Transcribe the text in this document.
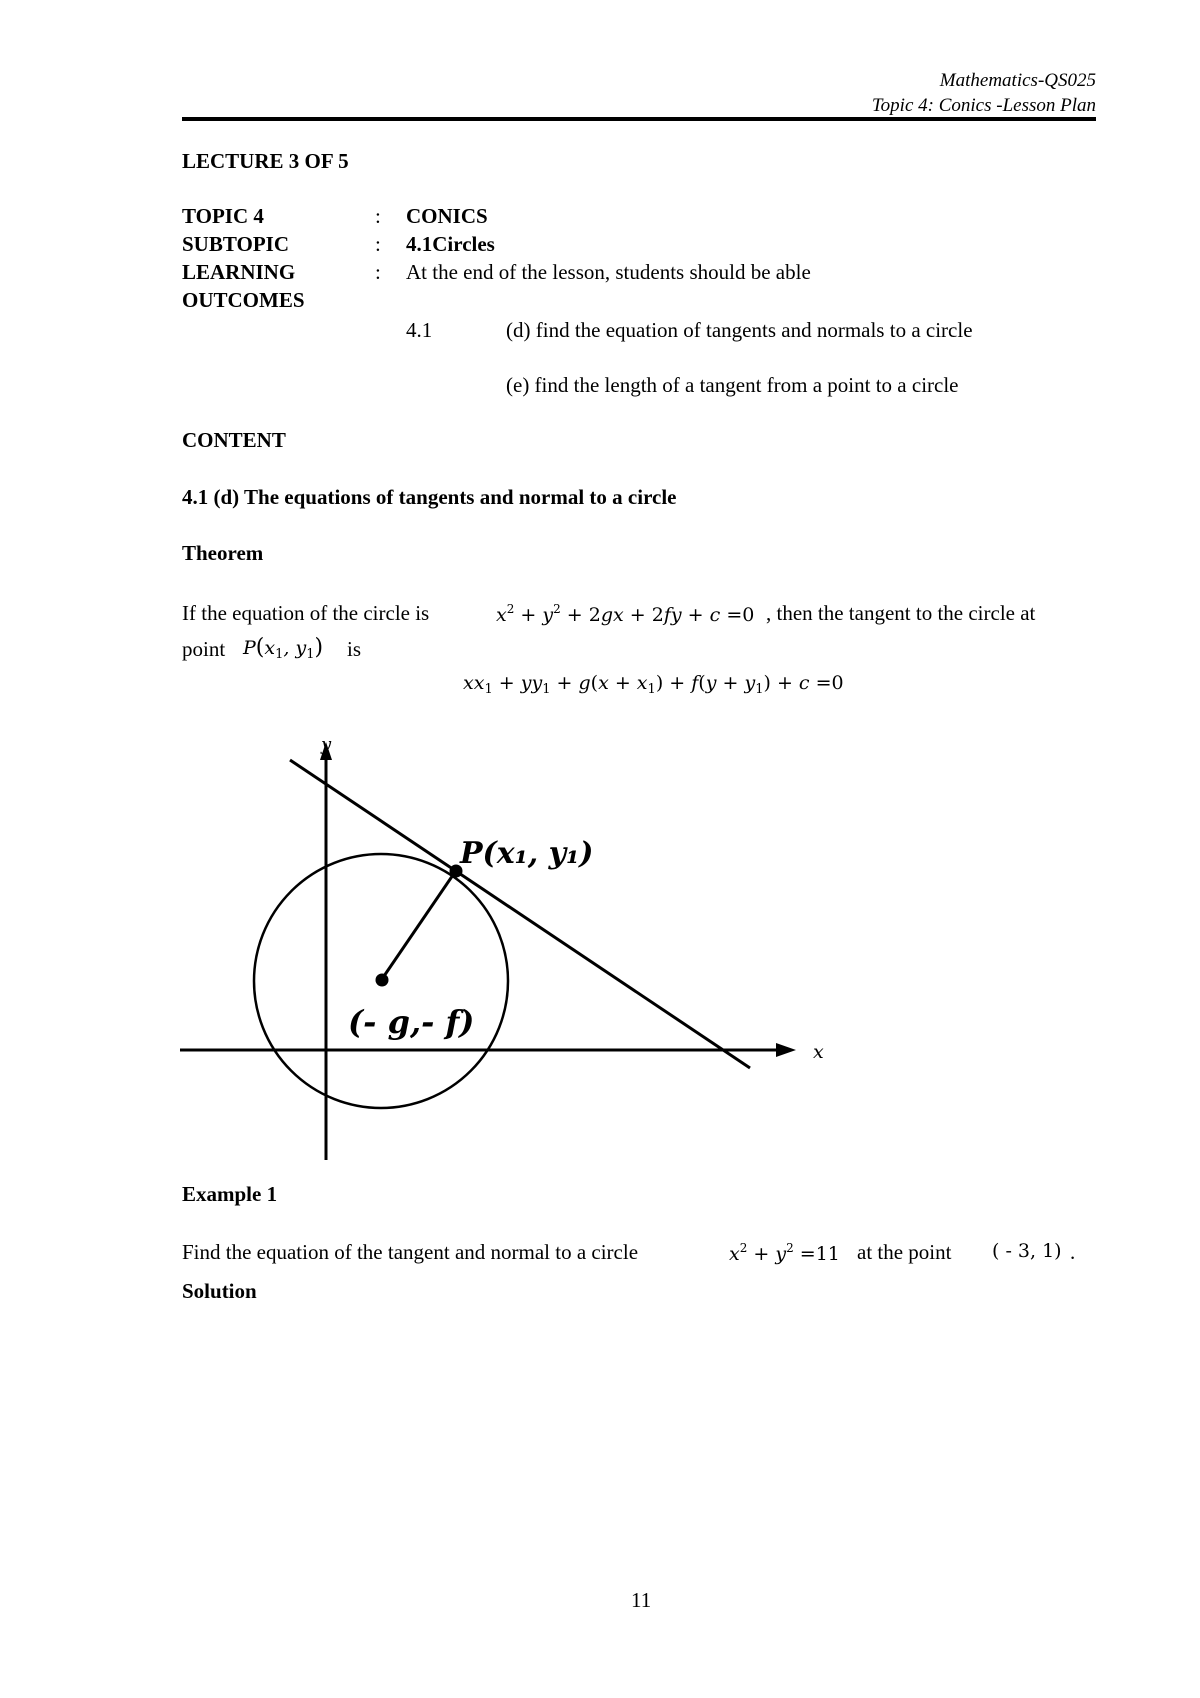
Mathematics-QS025
Topic 4: Conics -Lesson Plan
LECTURE 3 OF 5
TOPIC 4	: CONICS
SUBTOPIC	: 4.1Circles
LEARNING	: At the end of the lesson, students should be able
OUTCOMES
4.1	(d) find the equation of tangents and normals to a circle
(e) find the length of a tangent from a point to a circle
CONTENT
4.1 (d) The equations of tangents and normal to a circle
Theorem
If the equation of the circle is	$x^2 + y^2 + 2gx + 2fy + c =0$ , then the tangent to the circle at
point $P(x_1$, $y_1$) is
$xx_1 + yy_1 + g(x + x_1) + f(y + y_1) + c =0$
y
x
P(x₁, y₁)
(- g,- f)
Example 1
Find the equation of the tangent and normal to a circle	$x^2 + y^2 =11$ at the point ( - 3, 1) .
Solution
11
